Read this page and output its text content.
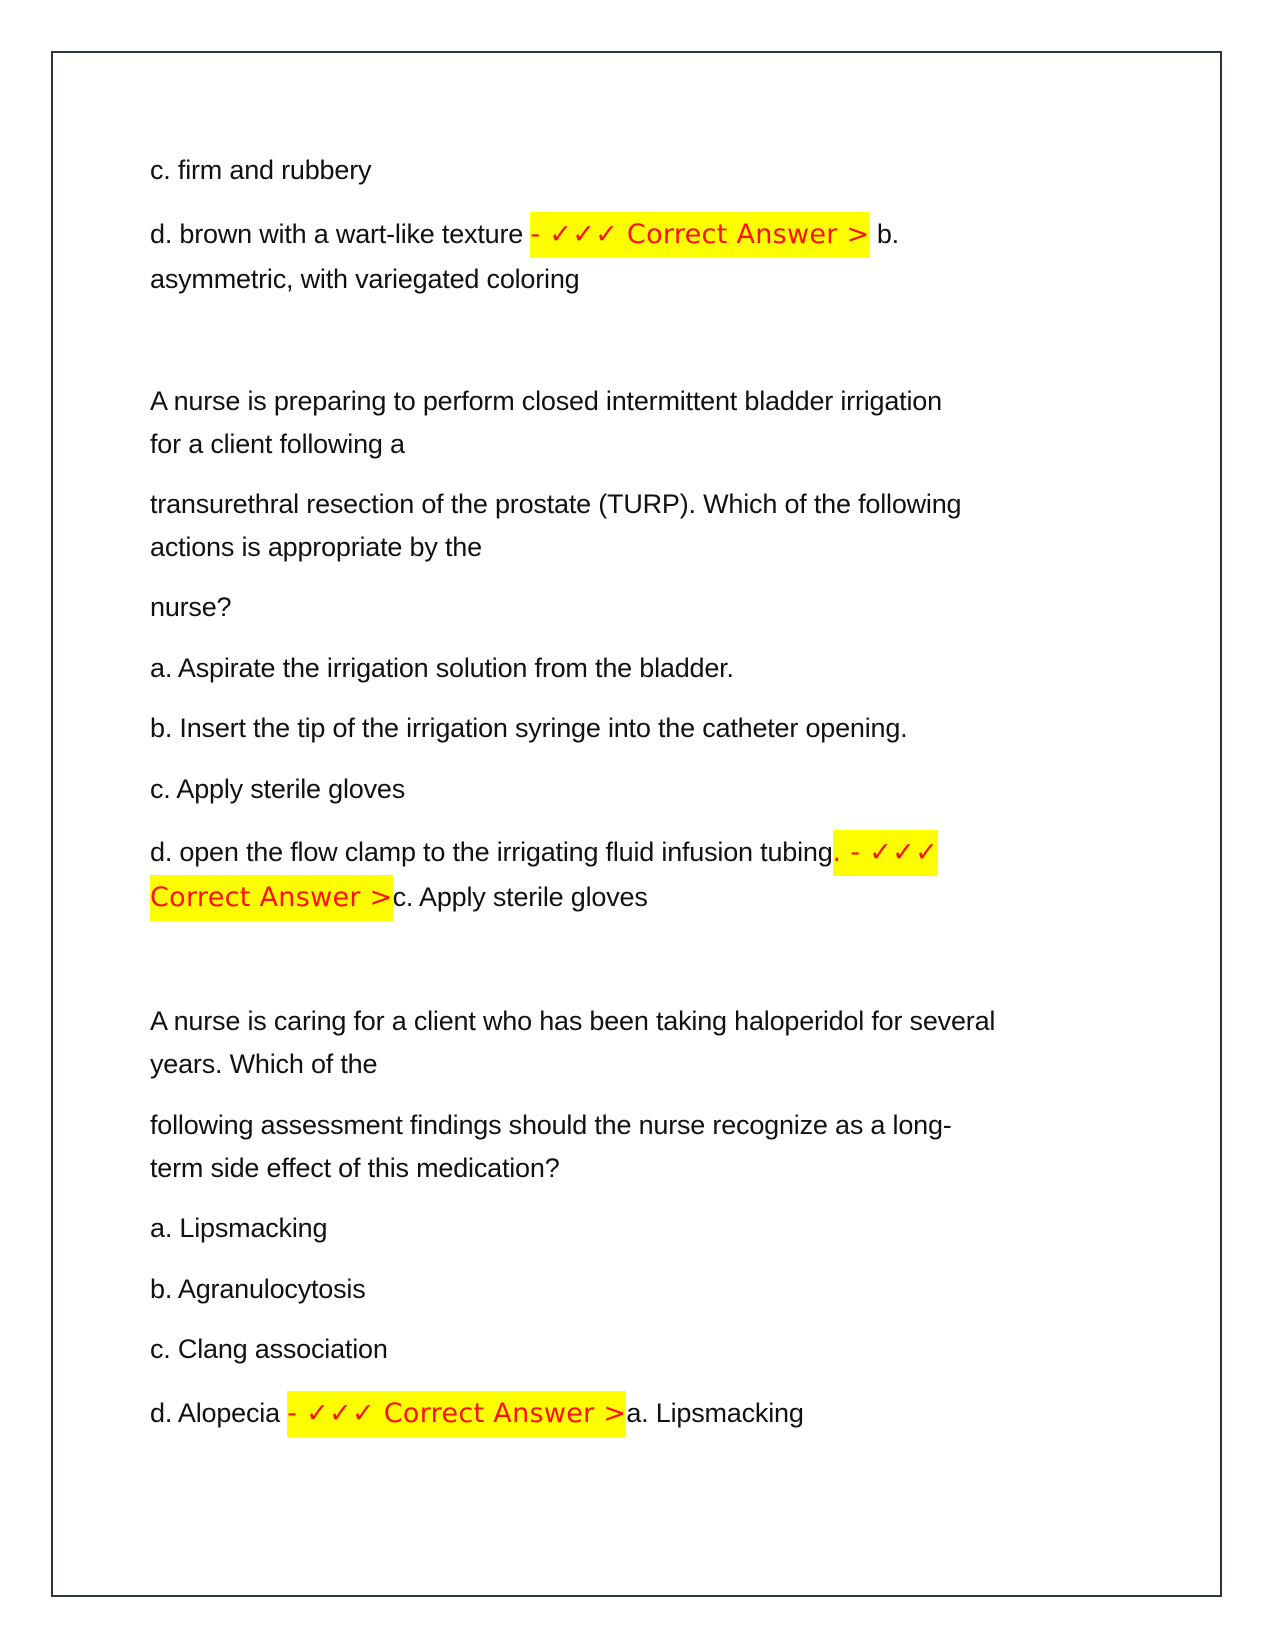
c. firm and rubbery
d. brown with a wart-like texture - ✓✓✓ Correct Answer > b.
asymmetric, with variegated coloring
A nurse is preparing to perform closed intermittent bladder irrigation
for a client following a
transurethral resection of the prostate (TURP). Which of the following
actions is appropriate by the
nurse?
a. Aspirate the irrigation solution from the bladder.
b. Insert the tip of the irrigation syringe into the catheter opening.
c. Apply sterile gloves
d. open the flow clamp to the irrigating fluid infusion tubing. - ✓✓✓
Correct Answer >c. Apply sterile gloves
A nurse is caring for a client who has been taking haloperidol for several
years. Which of the
following assessment findings should the nurse recognize as a long-
term side effect of this medication?
a. Lipsmacking
b. Agranulocytosis
c. Clang association
d. Alopecia - ✓✓✓ Correct Answer >a. Lipsmacking
